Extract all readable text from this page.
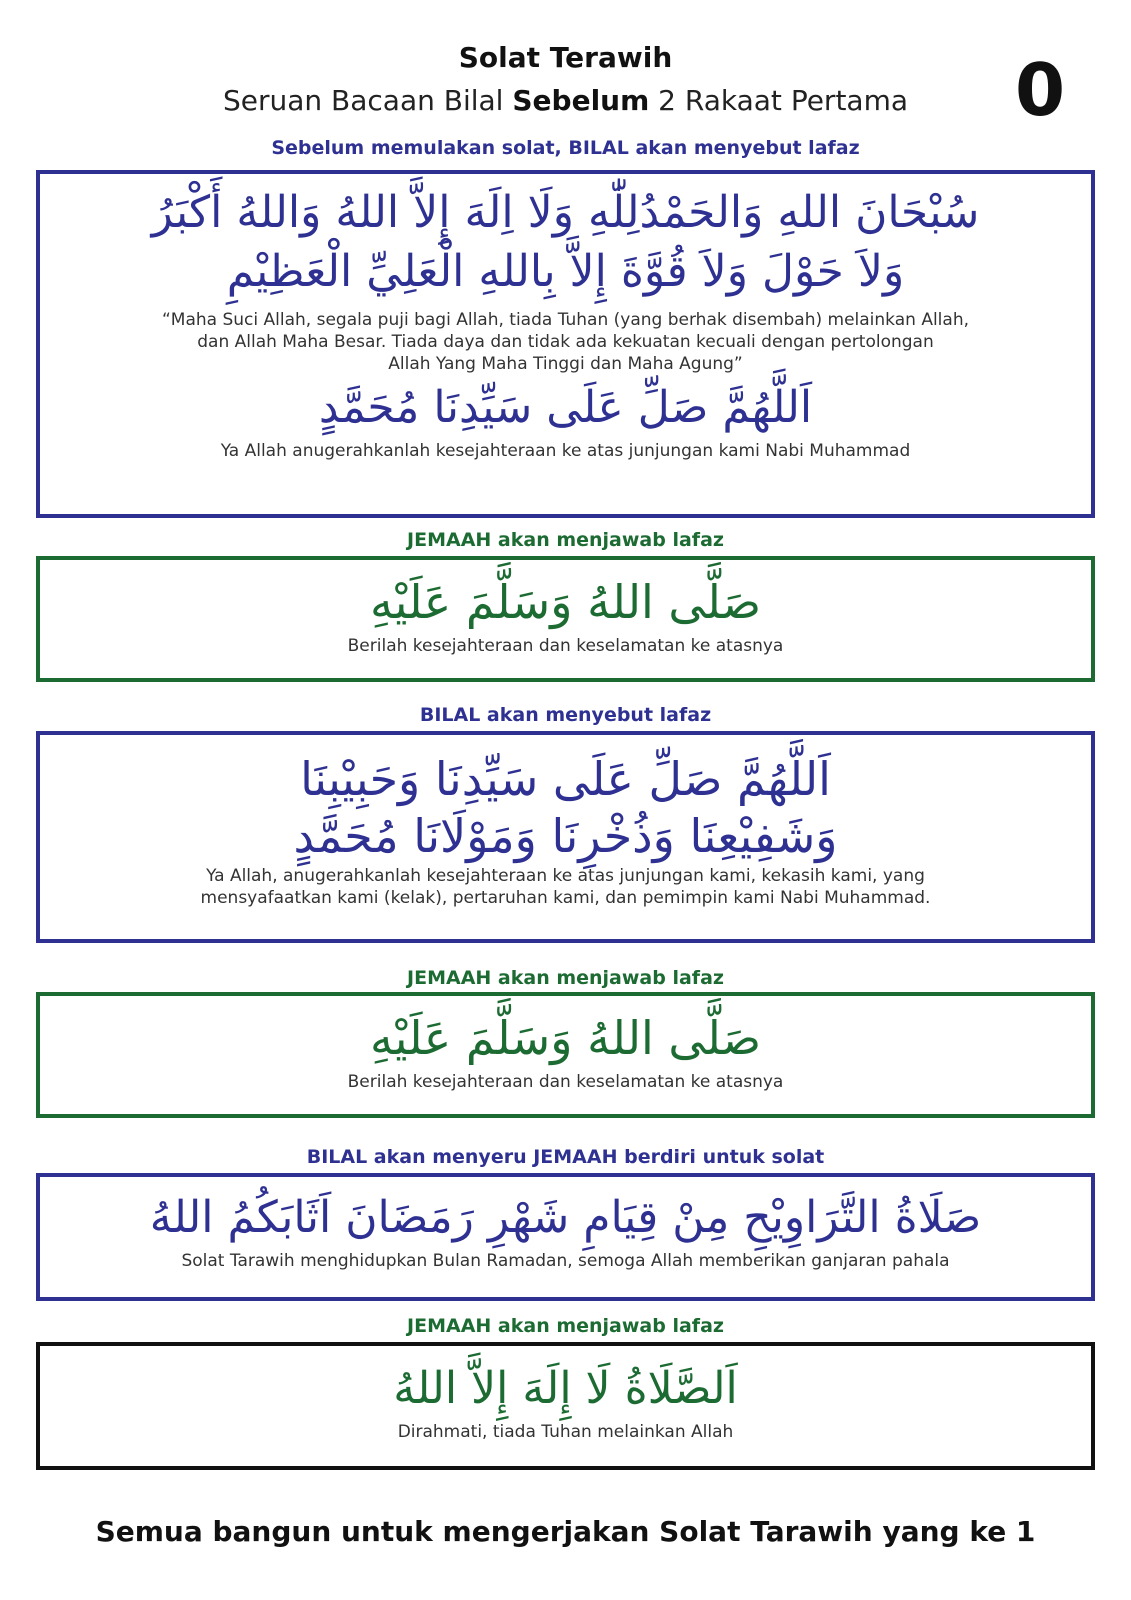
Solat Terawih
Seruan Bacaan Bilal Sebelum 2 Rakaat Pertama	0
Sebelum memulakan solat, BILAL akan menyebut lafaz
سُبْحَانَ اللهِ وَالحَمْدُلِلّٰهِ وَلَا اِلَهَ إِلاَّ اللهُ وَاللهُ أَكْبَرُ
وَلاَ حَوْلَ وَلاَ قُوَّةَ إِلاَّ بِاللهِ الْعَلِيِّ الْعَظِيْمِ
“Maha Suci Allah, segala puji bagi Allah, tiada Tuhan (yang berhak disembah) melainkan Allah,
dan Allah Maha Besar. Tiada daya dan tidak ada kekuatan kecuali dengan pertolongan
Allah Yang Maha Tinggi dan Maha Agung”
اَللَّهُمَّ صَلِّ عَلَى سَيِّدِنَا مُحَمَّدٍ
Ya Allah anugerahkanlah kesejahteraan ke atas junjungan kami Nabi Muhammad
JEMAAH akan menjawab lafaz
صَلَّى اللهُ وَسَلَّمَ عَلَيْهِ
Berilah kesejahteraan dan keselamatan ke atasnya
BILAL akan menyebut lafaz
اَللَّهُمَّ صَلِّ عَلَى سَيِّدِنَا وَحَبِيْبِنَا
وَشَفِيْعِنَا وَذُخْرِنَا وَمَوْلَانَا مُحَمَّدٍ
Ya Allah, anugerahkanlah kesejahteraan ke atas junjungan kami, kekasih kami, yang
mensyafaatkan kami (kelak), pertaruhan kami, dan pemimpin kami Nabi Muhammad.
JEMAAH akan menjawab lafaz
صَلَّى اللهُ وَسَلَّمَ عَلَيْهِ
Berilah kesejahteraan dan keselamatan ke atasnya
BILAL akan menyeru JEMAAH berdiri untuk solat
صَلَاةُ التَّرَاوِيْحِ مِنْ قِيَامِ شَهْرِ رَمَضَانَ اَثَابَكُمُ اللهُ
Solat Tarawih menghidupkan Bulan Ramadan, semoga Allah memberikan ganjaran pahala
JEMAAH akan menjawab lafaz
اَلصَّلَاةُ لَا إِلَهَ إِلاَّ اللهُ
Dirahmati, tiada Tuhan melainkan Allah
Semua bangun untuk mengerjakan Solat Tarawih yang ke 1
